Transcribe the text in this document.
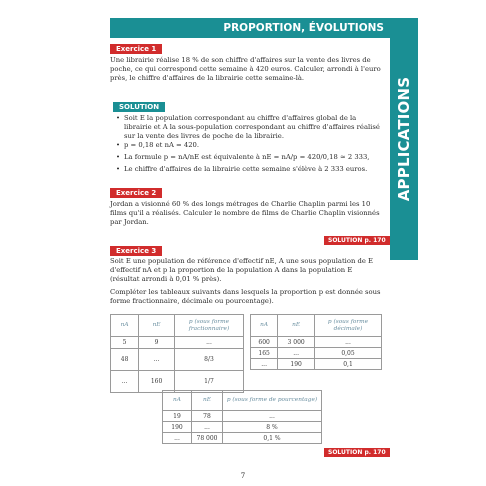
PROPORTION, ÉVOLUTIONS
APPLICATIONS
Exercice 1

Une librairie réalise 18 % de son chiffre d'affaires sur la vente des livres de poche, ce qui correspond cette semaine à 420 euros. Calculer, arrondi à l'euro près, le chiffre d'affaires de la librairie cette semaine-là.

SOLUTION
• Soit E la population correspondant au chiffre d'affaires global de la librairie et A la sous-population correspondant au chiffre d'affaires réalisé sur la vente des livres de poche de la librairie.
• p = 0,18 et nA = 420.
• La formule p = nA/nE est équivalente à nE = nA/p = 420/0,18 ≈ 2 333,
• Le chiffre d'affaires de la librairie cette semaine s'élève à 2 333 euros.
Exercice 2

Jordan a visionné 60 % des longs métrages de Charlie Chaplin parmi les 10 films qu'il a réalisés. Calculer le nombre de films de Charlie Chaplin visionnés par Jordan.

SOLUTION p. 170
Exercice 3

Soit E une population de référence d'effectif nE, A une sous population de E d'effectif nA et p la proportion de la population A dans la population E (résultat arrondi à 0,01 % près).

Compléter les tableaux suivants dans lesquels la proportion p est donnée sous forme fractionnaire, décimale ou pourcentage).

nA	nE	p (sous forme fractionnaire)
5	9	...
48	...	8/3
...	160	1/7
nA	nE	p (sous forme décimale)
600	3 000	...
165	...	0,05
...	190	0,1
nA	nE	p (sous forme de pourcentage)
19	78	...
190	...	8 %
...	78 000	0,1 %
SOLUTION p. 170
7
